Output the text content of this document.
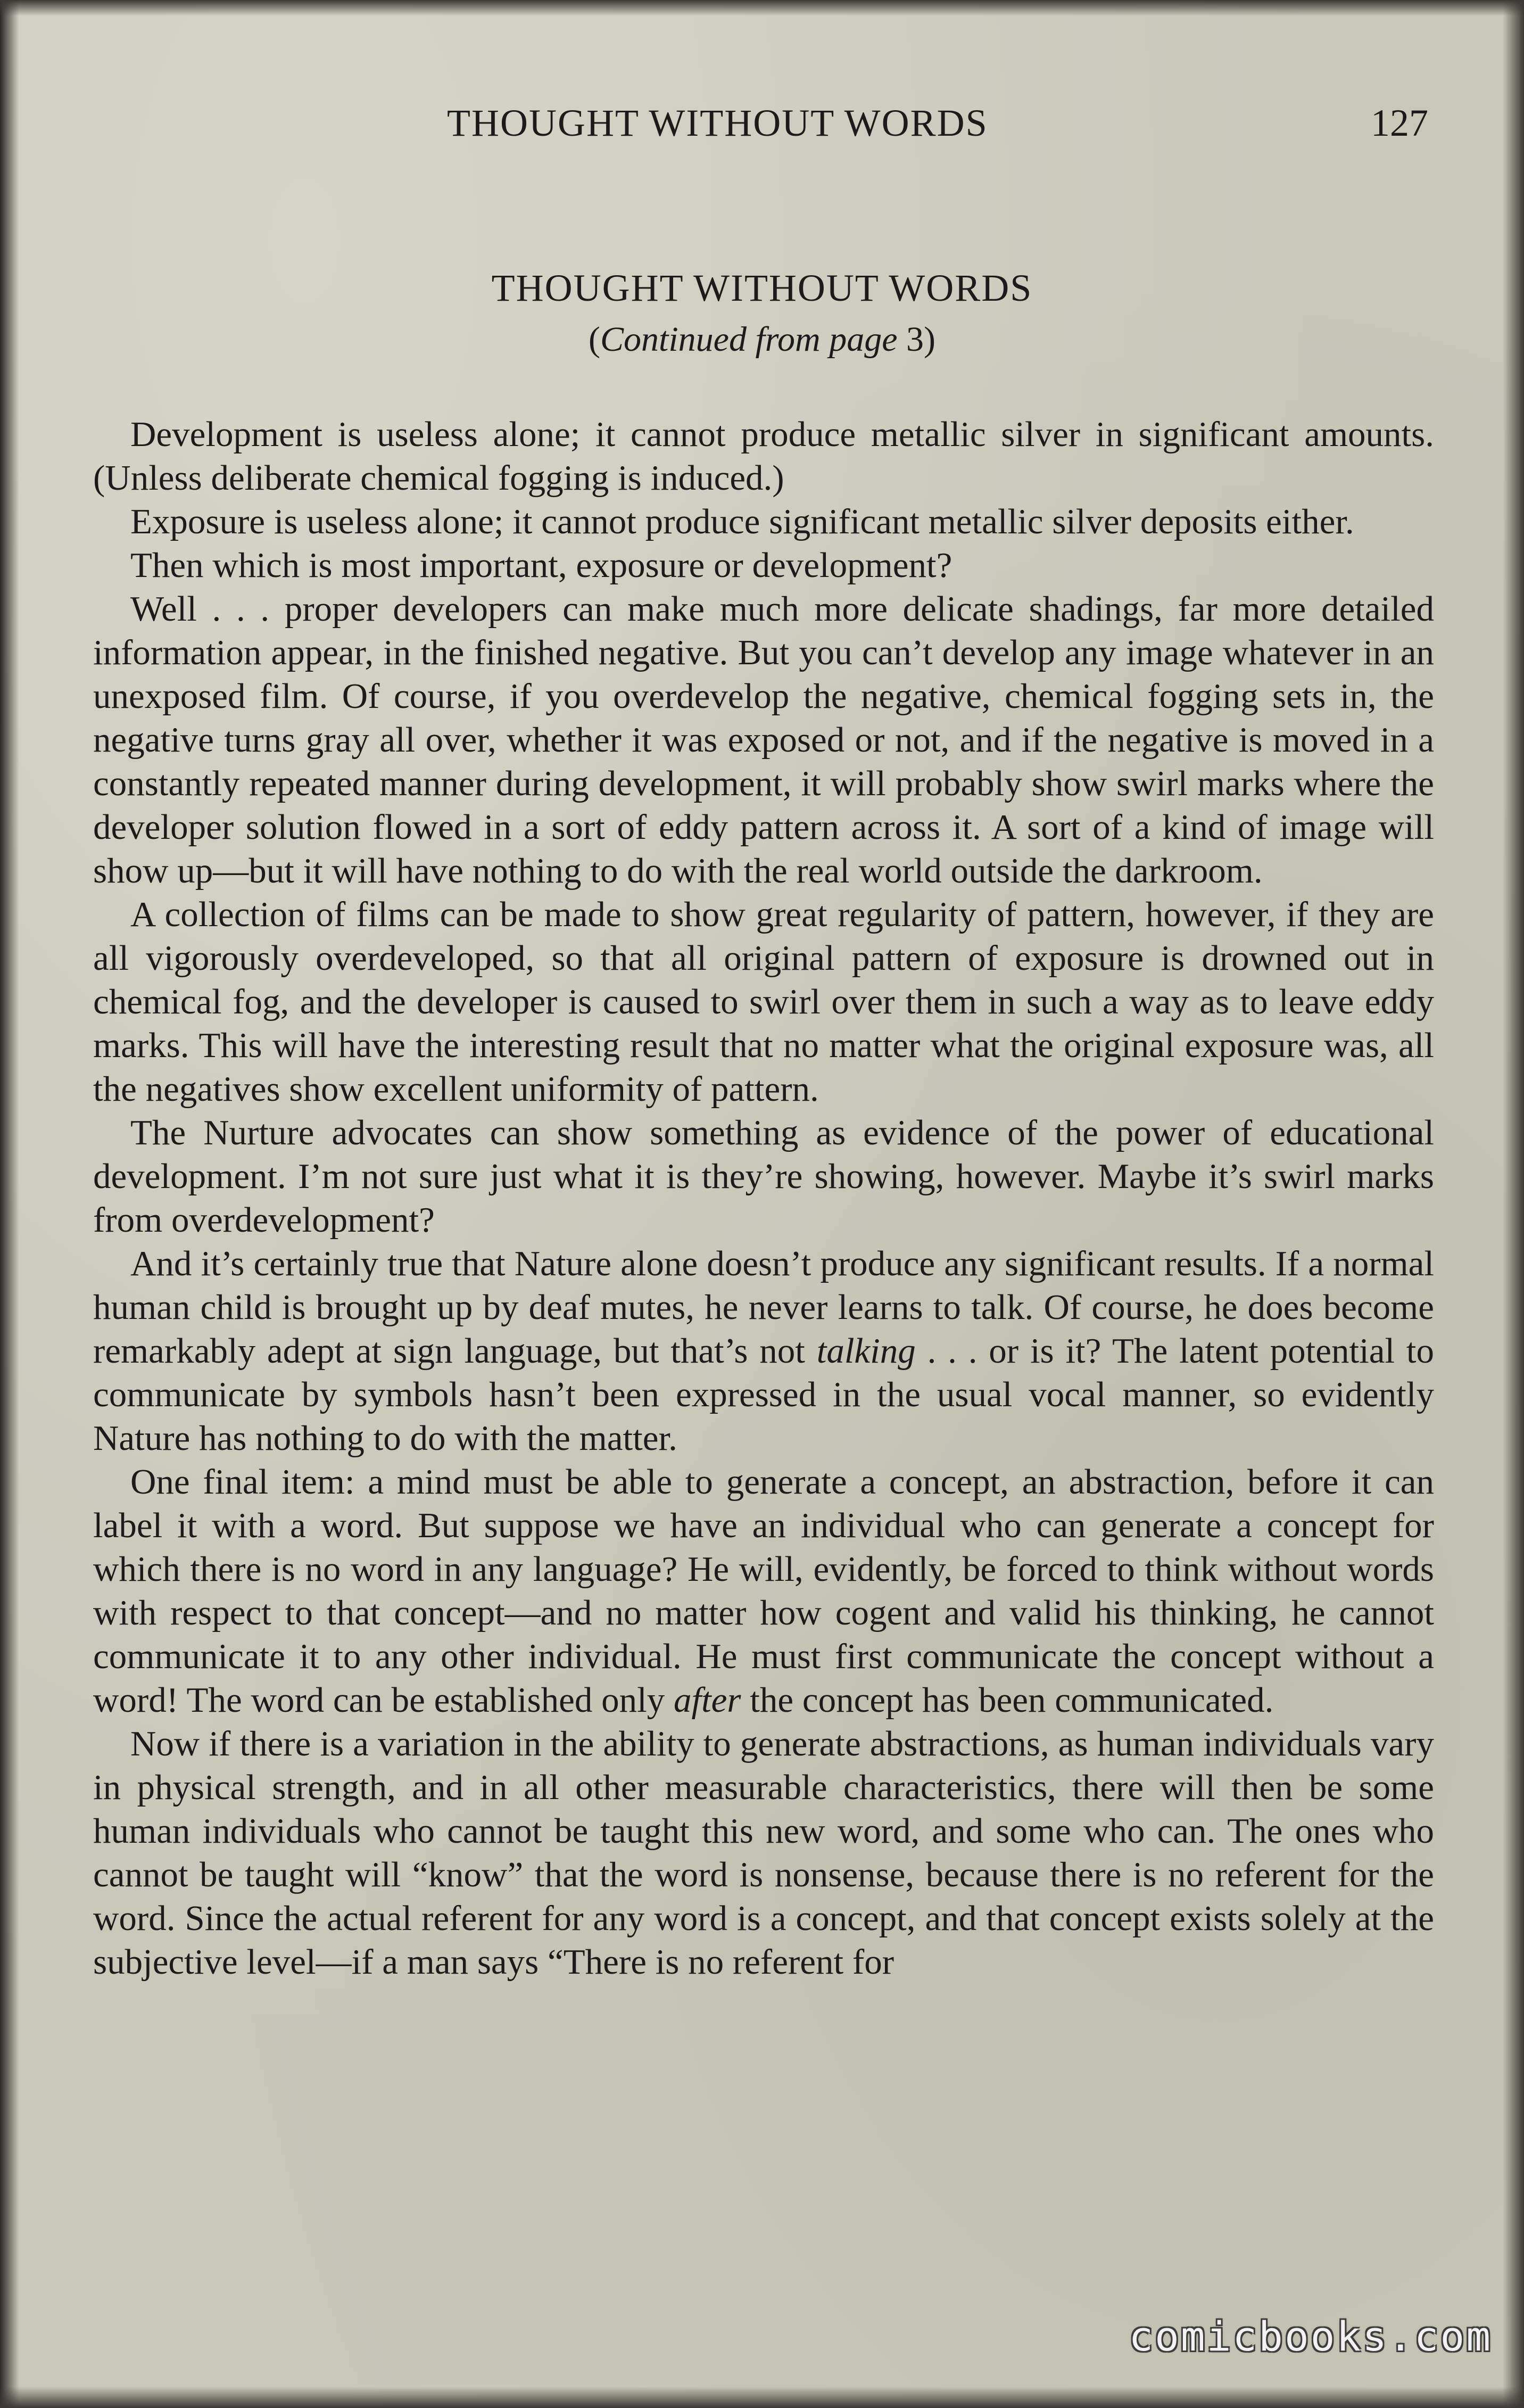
THOUGHT WITHOUT WORDS	127
THOUGHT WITHOUT WORDS
(Continued from page 3)

Development is useless alone; it cannot produce metallic silver in significant amounts. (Unless deliberate chemical fogging is induced.)

Exposure is useless alone; it cannot produce significant metallic silver deposits either.

Then which is most important, exposure or development?

Well . . . proper developers can make much more delicate shadings, far more detailed information appear, in the finished negative. But you can’t develop any image whatever in an unexposed film. Of course, if you overdevelop the negative, chemical fogging sets in, the negative turns gray all over, whether it was exposed or not, and if the negative is moved in a constantly repeated manner during development, it will probably show swirl marks where the developer solution flowed in a sort of eddy pattern across it. A sort of a kind of image will show up—but it will have nothing to do with the real world outside the darkroom.

A collection of films can be made to show great regularity of pattern, however, if they are all vigorously overdeveloped, so that all original pattern of exposure is drowned out in chemical fog, and the developer is caused to swirl over them in such a way as to leave eddy marks. This will have the interesting result that no matter what the original exposure was, all the negatives show excellent uniformity of pattern.

The Nurture advocates can show something as evidence of the power of educational development. I’m not sure just what it is they’re showing, however. Maybe it’s swirl marks from overdevelopment?

And it’s certainly true that Nature alone doesn’t produce any significant results. If a normal human child is brought up by deaf mutes, he never learns to talk. Of course, he does become remarkably adept at sign language, but that’s not talking . . . or is it? The latent potential to communicate by symbols hasn’t been expressed in the usual vocal manner, so evidently Nature has nothing to do with the matter.

One final item: a mind must be able to generate a concept, an abstraction, before it can label it with a word. But suppose we have an individual who can generate a concept for which there is no word in any language? He will, evidently, be forced to think without words with respect to that concept—and no matter how cogent and valid his thinking, he cannot communicate it to any other individual. He must first communicate the concept without a word! The word can be established only after the concept has been communicated.

Now if there is a variation in the ability to generate abstractions, as human individuals vary in physical strength, and in all other measurable characteristics, there will then be some human individuals who cannot be taught this new word, and some who can. The ones who cannot be taught will “know” that the word is nonsense, because there is no referent for the word. Since the actual referent for any word is a concept, and that concept exists solely at the subjective level—if a man says “There is no referent for

comicbooks.com
